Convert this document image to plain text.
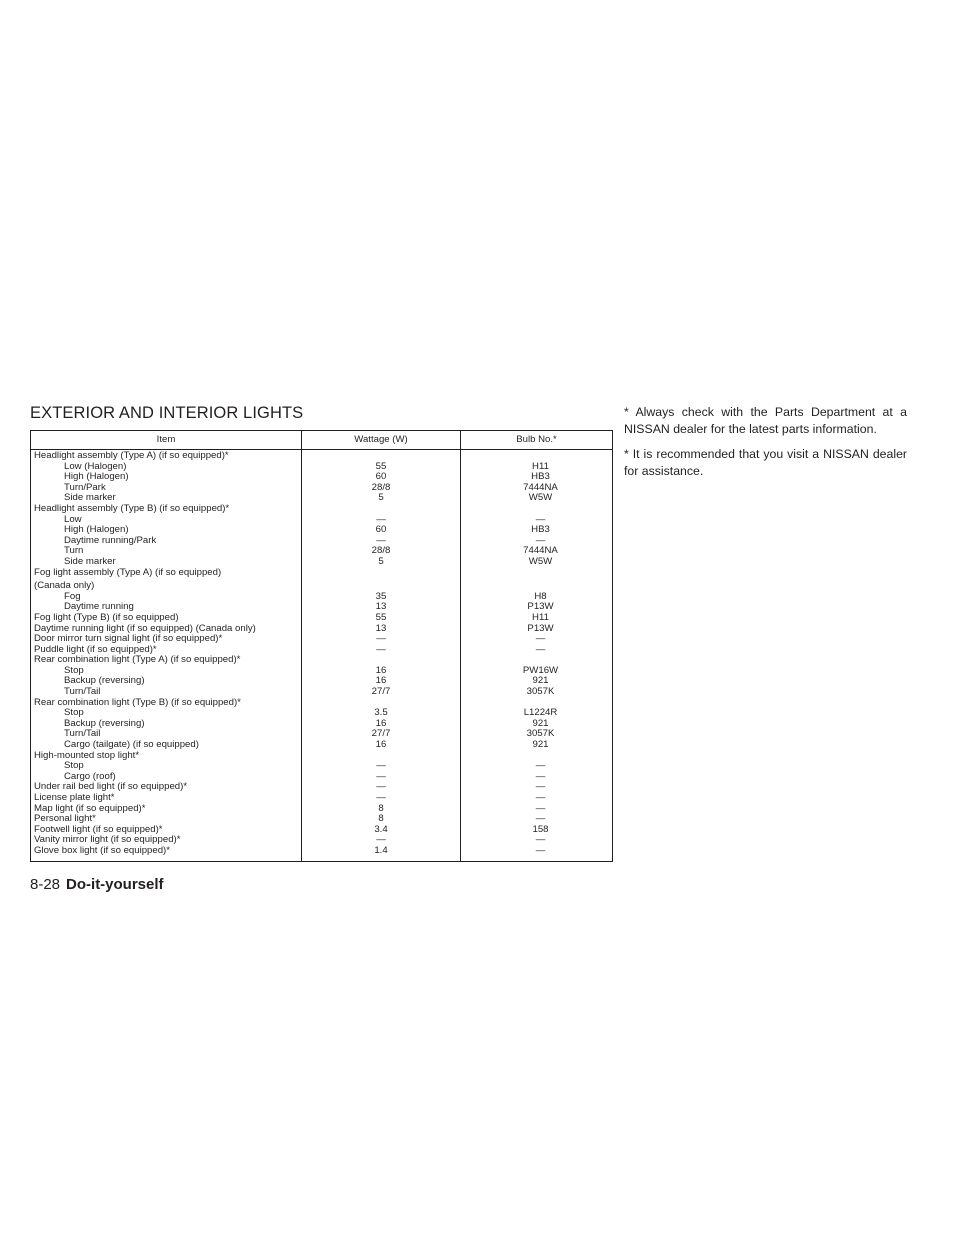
EXTERIOR AND INTERIOR LIGHTS
Item	Wattage (W)	Bulb No.*
Headlight assembly (Type A) (if so equipped)*		
Low (Halogen)	55	H11
High (Halogen)	60	HB3
Turn/Park	28/8	7444NA
Side marker	5	W5W
Headlight assembly (Type B) (if so equipped)*		
Low	—	—
High (Halogen)	60	HB3
Daytime running/Park	—	—
Turn	28/8	7444NA
Side marker	5	W5W
Fog light assembly (Type A) (if so equipped)		
(Canada only)		
Fog	35	H8
Daytime running	13	P13W
Fog light (Type B) (if so equipped)	55	H11
Daytime running light (if so equipped) (Canada only)	13	P13W
Door mirror turn signal light (if so equipped)*	—	—
Puddle light (if so equipped)*	—	—
Rear combination light (Type A) (if so equipped)*		
Stop	16	PW16W
Backup (reversing)	16	921
Turn/Tail	27/7	3057K
Rear combination light (Type B) (if so equipped)*		
Stop	3.5	L1224R
Backup (reversing)	16	921
Turn/Tail	27/7	3057K
Cargo (tailgate) (if so equipped)	16	921
High-mounted stop light*		
Stop	—	—
Cargo (roof)	—	—
Under rail bed light (if so equipped)*	—	—
License plate light*	—	—
Map light (if so equipped)*	8	—
Personal light*	8	—
Footwell light (if so equipped)*	3.4	158
Vanity mirror light (if so equipped)*	—	—
Glove box light (if so equipped)*	1.4	—

* Always check with the Parts Department at a NISSAN dealer for the latest parts information.

* It is recommended that you visit a NISSAN dealer for assistance.

8-28 Do-it-yourself
